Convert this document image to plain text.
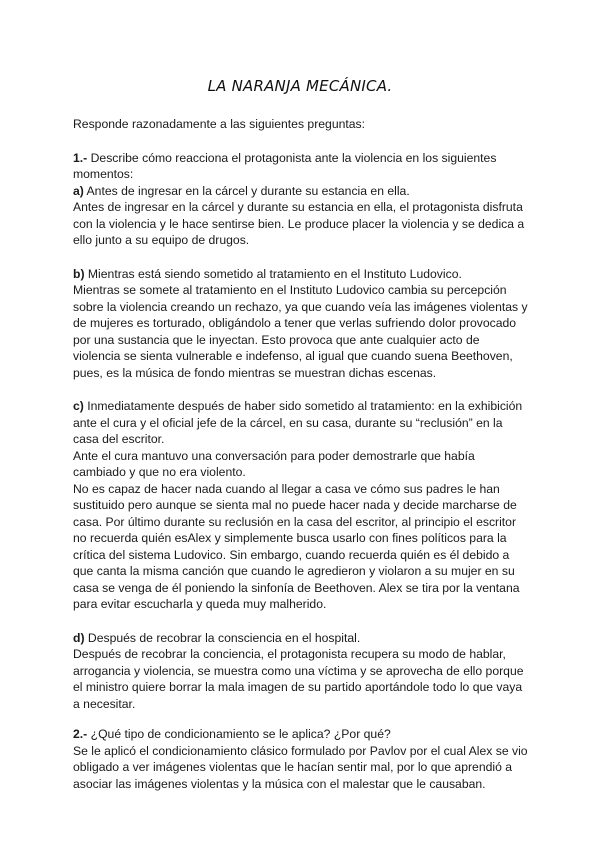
LA NARANJA MECÁNICA.

Responde razonadamente a las siguientes preguntas:

1.- Describe cómo reacciona el protagonista ante la violencia en los siguientes momentos:

a) Antes de ingresar en la cárcel y durante su estancia en ella.

Antes de ingresar en la cárcel y durante su estancia en ella, el protagonista disfruta con la violencia y le hace sentirse bien. Le produce placer la violencia y se dedica a ello junto a su equipo de drugos.

b) Mientras está siendo sometido al tratamiento en el Instituto Ludovico.

Mientras se somete al tratamiento en el Instituto Ludovico cambia su percepción sobre la violencia creando un rechazo, ya que cuando veía las imágenes violentas y de mujeres es torturado, obligándolo a tener que verlas sufriendo dolor provocado por una sustancia que le inyectan. Esto provoca que ante cualquier acto de violencia se sienta vulnerable e indefenso, al igual que cuando suena Beethoven, pues, es la música de fondo mientras se muestran dichas escenas.

c) Inmediatamente después de haber sido sometido al tratamiento: en la exhibición ante el cura y el oficial jefe de la cárcel, en su casa, durante su “reclusión” en la casa del escritor.

Ante el cura mantuvo una conversación para poder demostrarle que había cambiado y que no era violento.

No es capaz de hacer nada cuando al llegar a casa ve cómo sus padres le han sustituido pero aunque se sienta mal no puede hacer nada y decide marcharse de casa. Por último durante su reclusión en la casa del escritor, al principio el escritor no recuerda quién esAlex y simplemente busca usarlo con fines políticos para la crítica del sistema Ludovico. Sin embargo, cuando recuerda quién es él debido a que canta la misma canción que cuando le agredieron y violaron a su mujer en su casa se venga de él poniendo la sinfonía de Beethoven. Alex se tira por la ventana para evitar escucharla y queda muy malherido.

d) Después de recobrar la consciencia en el hospital.

Después de recobrar la conciencia, el protagonista recupera su modo de hablar, arrogancia y violencia, se muestra como una víctima y se aprovecha de ello porque el ministro quiere borrar la mala imagen de su partido aportándole todo lo que vaya a necesitar.

2.- ¿Qué tipo de condicionamiento se le aplica? ¿Por qué?

Se le aplicó el condicionamiento clásico formulado por Pavlov por el cual Alex se vio obligado a ver imágenes violentas que le hacían sentir mal, por lo que aprendió a asociar las imágenes violentas y la música con el malestar que le causaban.
